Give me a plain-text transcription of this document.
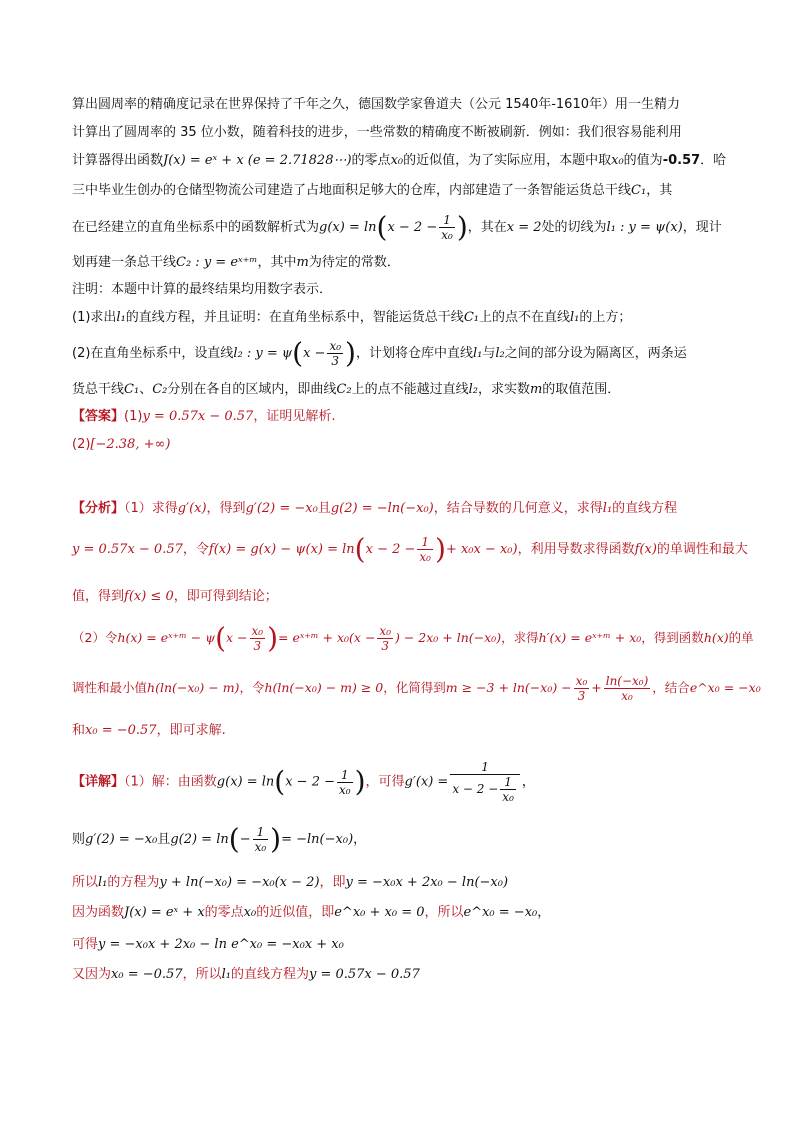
算出圆周率的精确度记录在世界保持了千年之久，德国数学家鲁道夫（公元 1540年-1610年）用一生精力
计算出了圆周率的 35 位小数，随着科技的进步，一些常数的精确度不断被刷新．例如：我们很容易能利用
计算器得出函数J(x) = eˣ + x (e = 2.71828⋯)的零点x₀的近似值，为了实际应用，本题中取x₀的值为-0.57．哈
三中毕业生创办的仓储型物流公司建造了占地面积足够大的仓库，内部建造了一条智能运货总干线C₁，其
在已经建立的直角坐标系中的函数解析式为$g(x) = \ln(x - 2 - \frac{1}{\text{x₀}}$ )，其在x = 2处的切线为l₁ : y = ψ(x)，现计
划再建一条总干线C₂ : y = eˣ⁺ᵐ，其中m为待定的常数．
注明：本题中计算的最终结果均用数字表示．
(1)求出l₁的直线方程，并且证明：在直角坐标系中，智能运货总干线C₁上的点不在直线l₁的上方；
(2)在直角坐标系中，设直线l₂ : $y = \psi(x - \frac{\text{x₀}}{3}$ )，计划将仓库中直线l₁与l₂之间的部分设为隔离区，两条运
货总干线C₁、C₂分别在各自的区域内，即曲线C₂上的点不能越过直线l₂，求实数m的取值范围．
【答案】(1)y = 0.57x − 0.57，证明见解析.
(2)[−2.38, +∞)
【分析】（1）求得g′(x)，得到g′(2) = −x₀且g(2) = −ln(−x₀)，结合导数的几何意义，求得l₁的直线方程
y = 0.57x − 0.57，令$f(x) = g(x) - \psi(x) = \ln(x - 2 - \frac{1}{\text{x₀}}$ )+ x₀x − x₀)，利用导数求得函数f(x)的单调性和最大
值，得到f(x) ≤ 0，即可得到结论；
（2）令h(x) = eˣ⁺ᵐ − $\psi(x - \frac{\text{x₀}}{3}$ )= eˣ⁺ᵐ + $x_0(x - \frac{\text{x₀}}{3}$ ) − 2x₀ + ln(−x₀)，求得h′(x) = eˣ⁺ᵐ + x₀，得到函数h(x)的单
调性和最小值h(ln(−x₀) − m)，令h(ln(−x₀) − m) ≥ 0，化简得到$m \ge -3 + \ln(-x_0) - \frac{\text{x₀}}{3} + \frac{\text{ln(−x₀)}}{\text{x₀}}$ ，结合e^x₀ = −x₀
和x₀ = −0.57，即可求解.
【详解】（1）解：由函数$g(x) = \ln(x - 2 - \frac{1}{\text{x₀}}$ )，可得$g'(x) = \frac{1}{x - 2 - \frac{1}{\text{x₀}}}$ ，
则g′(2) = −x₀且$g(2) = \ln(- \frac{1}{\text{x₀}}$ )= −ln(−x₀)，
所以l₁的方程为y + ln(−x₀) = −x₀(x − 2)，即y = −x₀x + 2x₀ − ln(−x₀)
因为函数J(x) = eˣ + x的零点x₀的近似值，即e^x₀ + x₀ = 0，所以e^x₀ = −x₀，
可得y = −x₀x + 2x₀ − ln e^x₀ = −x₀x + x₀
又因为x₀ = −0.57，所以l₁的直线方程为y = 0.57x − 0.57
